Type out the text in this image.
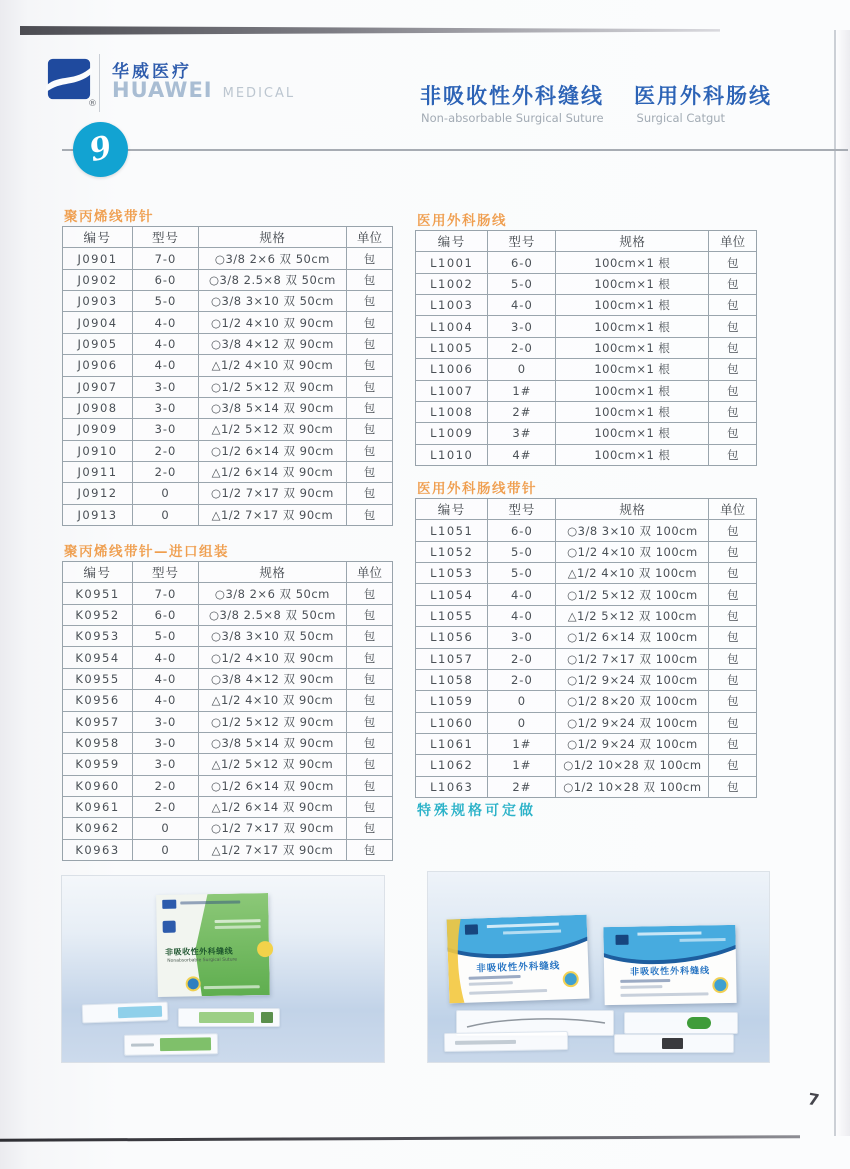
7
®
华威医疗
HUAWEI MEDICAL	非吸收性外科缝线 医用外科肠线
Non-absorbable Surgical Suture	Surgical Catgut
9
聚丙烯线带针
编号	型号	规格	单位
J0901	7-0	○3/8 2×6 双 50cm	包
J0902	6-0	○3/8 2.5×8 双 50cm	包
J0903	5-0	○3/8 3×10 双 50cm	包
J0904	4-0	○1/2 4×10 双 90cm	包
J0905	4-0	○3/8 4×12 双 90cm	包
J0906	4-0	△1/2 4×10 双 90cm	包
J0907	3-0	○1/2 5×12 双 90cm	包
J0908	3-0	○3/8 5×14 双 90cm	包
J0909	3-0	△1/2 5×12 双 90cm	包
J0910	2-0	○1/2 6×14 双 90cm	包
J0911	2-0	△1/2 6×14 双 90cm	包
J0912	0	○1/2 7×17 双 90cm	包
J0913	0	△1/2 7×17 双 90cm	包
聚丙烯线带针—进口组装
编号	型号	规格	单位
K0951	7-0	○3/8 2×6 双 50cm	包
K0952	6-0	○3/8 2.5×8 双 50cm	包
K0953	5-0	○3/8 3×10 双 50cm	包
K0954	4-0	○1/2 4×10 双 90cm	包
K0955	4-0	○3/8 4×12 双 90cm	包
K0956	4-0	△1/2 4×10 双 90cm	包
K0957	3-0	○1/2 5×12 双 90cm	包
K0958	3-0	○3/8 5×14 双 90cm	包
K0959	3-0	△1/2 5×12 双 90cm	包
K0960	2-0	○1/2 6×14 双 90cm	包
K0961	2-0	△1/2 6×14 双 90cm	包
K0962	0	○1/2 7×17 双 90cm	包
K0963	0	△1/2 7×17 双 90cm	包
医用外科肠线
编号	型号	规格	单位
L1001	6-0	100cm×1 根	包
L1002	5-0	100cm×1 根	包
L1003	4-0	100cm×1 根	包
L1004	3-0	100cm×1 根	包
L1005	2-0	100cm×1 根	包
L1006	0	100cm×1 根	包
L1007	1#	100cm×1 根	包
L1008	2#	100cm×1 根	包
L1009	3#	100cm×1 根	包
L1010	4#	100cm×1 根	包
医用外科肠线带针
编号	型号	规格	单位
L1051	6-0	○3/8 3×10 双 100cm	包
L1052	5-0	○1/2 4×10 双 100cm	包
L1053	5-0	△1/2 4×10 双 100cm	包
L1054	4-0	○1/2 5×12 双 100cm	包
L1055	4-0	△1/2 5×12 双 100cm	包
L1056	3-0	○1/2 6×14 双 100cm	包
L1057	2-0	○1/2 7×17 双 100cm	包
L1058	2-0	○1/2 9×24 双 100cm	包
L1059	0	○1/2 8×20 双 100cm	包
L1060	0	○1/2 9×24 双 100cm	包
L1061	1#	○1/2 9×24 双 100cm	包
L1062	1#	○1/2 10×28 双 100cm	包
L1063	2#	○1/2 10×28 双 100cm	包
特殊规格可定做
非吸收性外科缝线
Nonabsorbable Surgical Suture	非吸收性外科缝线	非吸收性外科缝线
